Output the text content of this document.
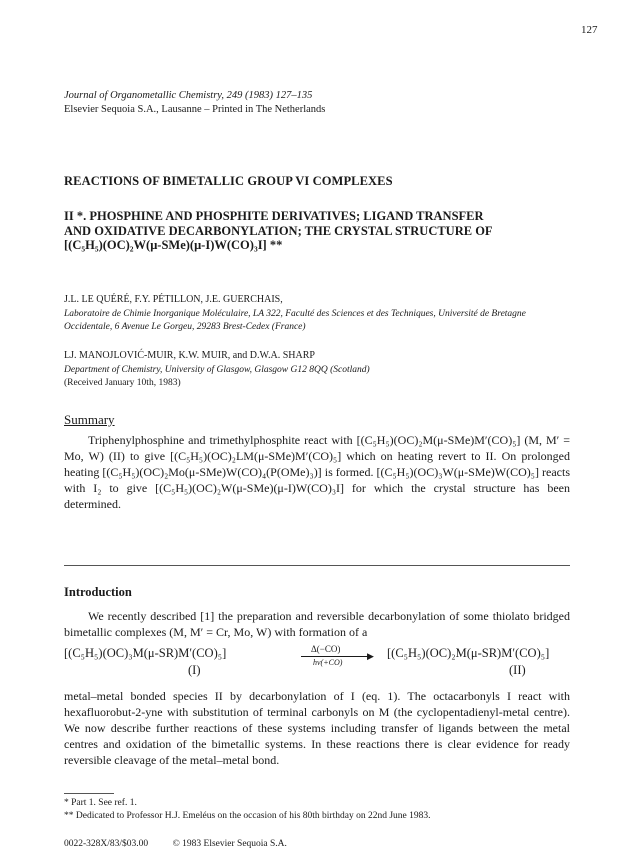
127
Journal of Organometallic Chemistry, 249 (1983) 127–135
Elsevier Sequoia S.A., Lausanne – Printed in The Netherlands
REACTIONS OF BIMETALLIC GROUP VI COMPLEXES
II *. PHOSPHINE AND PHOSPHITE DERIVATIVES; LIGAND TRANSFER
AND OXIDATIVE DECARBONYLATION; THE CRYSTAL STRUCTURE OF
[(C₅H₅)(OC)₂W(μ-SMe)(μ-I)W(CO)₃I] **
J.L. LE QUÉRÉ, F.Y. PÉTILLON, J.E. GUERCHAIS,
Laboratoire de Chimie Inorganique Moléculaire, LA 322, Faculté des Sciences et des Techniques, Université de Bretagne Occidentale, 6 Avenue Le Gorgeu, 29283 Brest-Cedex (France)
LJ. MANOJLOVIĆ-MUIR, K.W. MUIR, and D.W.A. SHARP
Department of Chemistry, University of Glasgow, Glasgow G12 8QQ (Scotland)
(Received January 10th, 1983)
Summary
Triphenylphosphine and trimethylphosphite react with [(C₅H₅)(OC)₂M(μ-SMe)M′(CO)₅] (M, M′ = Mo, W) (II) to give [(C₅H₅)(OC)₂LM(μ-SMe)M′(CO)₅] which on heating revert to II. On prolonged heating [(C₅H₅)(OC)₂Mo(μ-SMe)W(CO)₄(P(OMe)₃)] is formed. [(C₅H₅)(OC)₃W(μ-SMe)W(CO)₅] reacts with I₂ to give [(C₅H₅)(OC)₂W(μ-SMe)(μ-I)W(CO)₃I] for which the crystal structure has been determined.
Introduction
We recently described [1] the preparation and reversible decarbonylation of some thiolato bridged bimetallic complexes (M, M′ = Cr, Mo, W) with formation of a
[(C₅H₅)(OC)₃M(μ-SR)M′(CO)₅]	Δ(−CO)
▶
hν(+CO)
[(C₅H₅)(OC)₂M(μ-SR)M′(CO)₅]
(I)	(II)
metal–metal bonded species II by decarbonylation of I (eq. 1). The octacarbonyls I react with hexafluorobut-2-yne with substitution of terminal carbonyls on M (the cyclopentadienyl-metal centre). We now describe further reactions of these systems including transfer of ligands between the metal centres and oxidation of the bimetallic systems. In these reactions there is clear evidence for ready reversible cleavage of the metal–metal bond.
* Part 1. See ref. 1.
** Dedicated to Professor H.J. Emeléus on the occasion of his 80th birthday on 22nd June 1983.
0022-328X/83/$03.00	© 1983 Elsevier Sequoia S.A.
